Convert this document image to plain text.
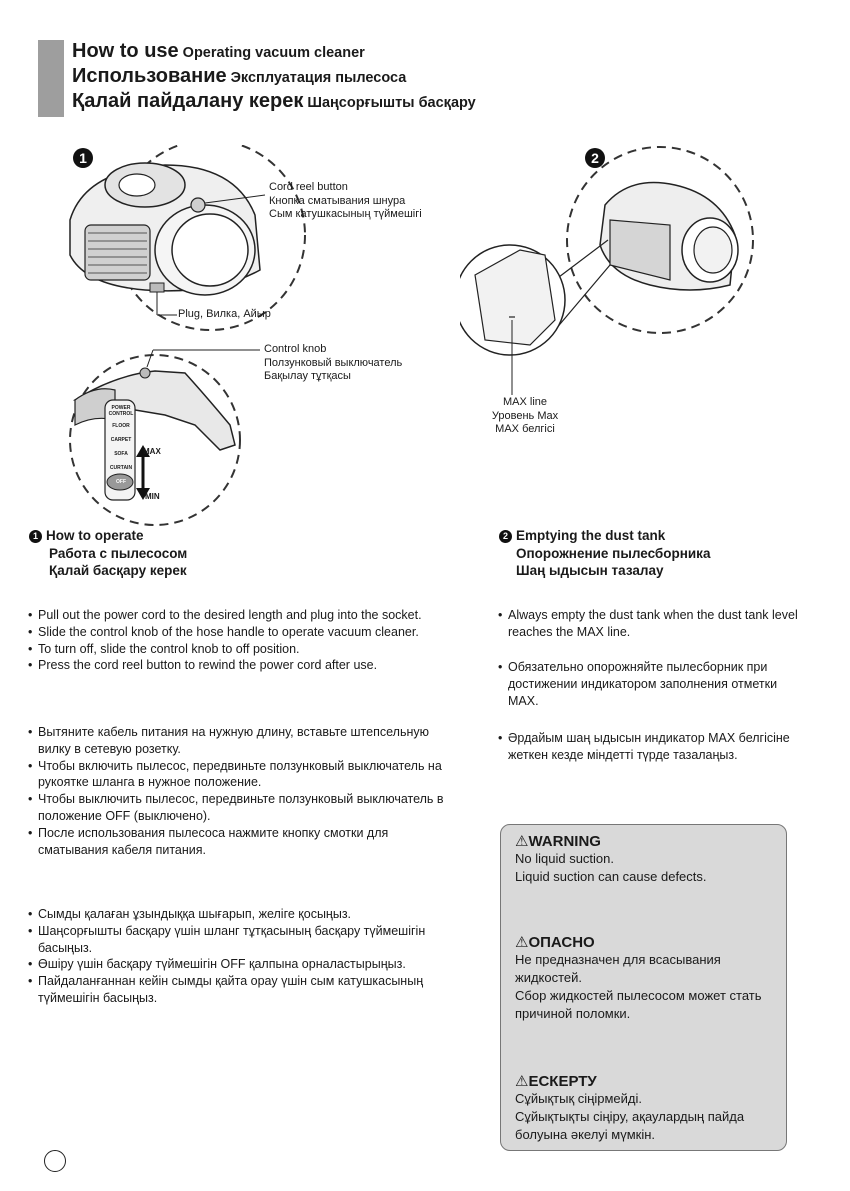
How to use Operating vacuum cleaner
Использование Эксплуатация пылесоса
Қалай пайдалану керек Шаңсорғышты басқару
1
Cord reel button
Кнопка сматывания шнура
Сым катушкасының түймешігі
Plug, Вилка, Айыр
Control knob
Ползунковый выключатель
Бақылау тұтқасы
POWER CONTROL
FLOOR
CARPET
SOFA
CURTAIN
OFF
MAX
MIN
2
MAX line
Уровень Max
MAX белгісі
1 How to operate
Работа с пылесосом
Қалай басқару керек
2 Emptying the dust tank
Опорожнение пылесборника
Шаң ыдысын тазалау
• Pull out the power cord to the desired length and plug into the socket.
• Slide the control knob of the hose handle to operate vacuum cleaner.
• To turn off, slide the control knob to off position.
• Press the cord reel button to rewind the power cord after use.
• Вытяните кабель питания на нужную длину, вставьте штепсельную вилку в сетевую розетку.
• Чтобы включить пылесос, передвиньте ползунковый выключатель на рукоятке шланга в нужное положение.
• Чтобы выключить пылесос, передвиньте ползунковый выключатель в положение OFF (выключено).
• После использования пылесоса нажмите кнопку смотки для сматывания кабеля питания.
• Сымды қалаған ұзындыққа шығарып, желіге қосыңыз.
• Шаңсорғышты басқару үшін шланг тұтқасының басқару түймешігін басыңыз.
• Өшіру үшін басқару түймешігін OFF қалпына орналастырыңыз.
• Пайдаланғаннан кейін сымды қайта орау үшін сым катушкасының түймешігін басыңыз.
• Always empty the dust tank when the dust tank level reaches the MAX line.
• Обязательно опорожняйте пылесборник при достижении индикатором заполнения отметки MAX.
• Әрдайым шаң ыдысын индикатор MAX белгісіне жеткен кезде міндетті түрде тазалаңыз.
⚠WARNING
No liquid suction.
Liquid suction can cause defects.
⚠ОПАСНО
Не предназначен для всасывания жидкостей.
Сбор жидкостей пылесосом может стать причиной поломки.
⚠ЕСКЕРТУ
Сұйықтық сіңірмейді.
Сұйықтықты сіңіру, ақаулардың пайда болуына әкелуі мүмкін.
